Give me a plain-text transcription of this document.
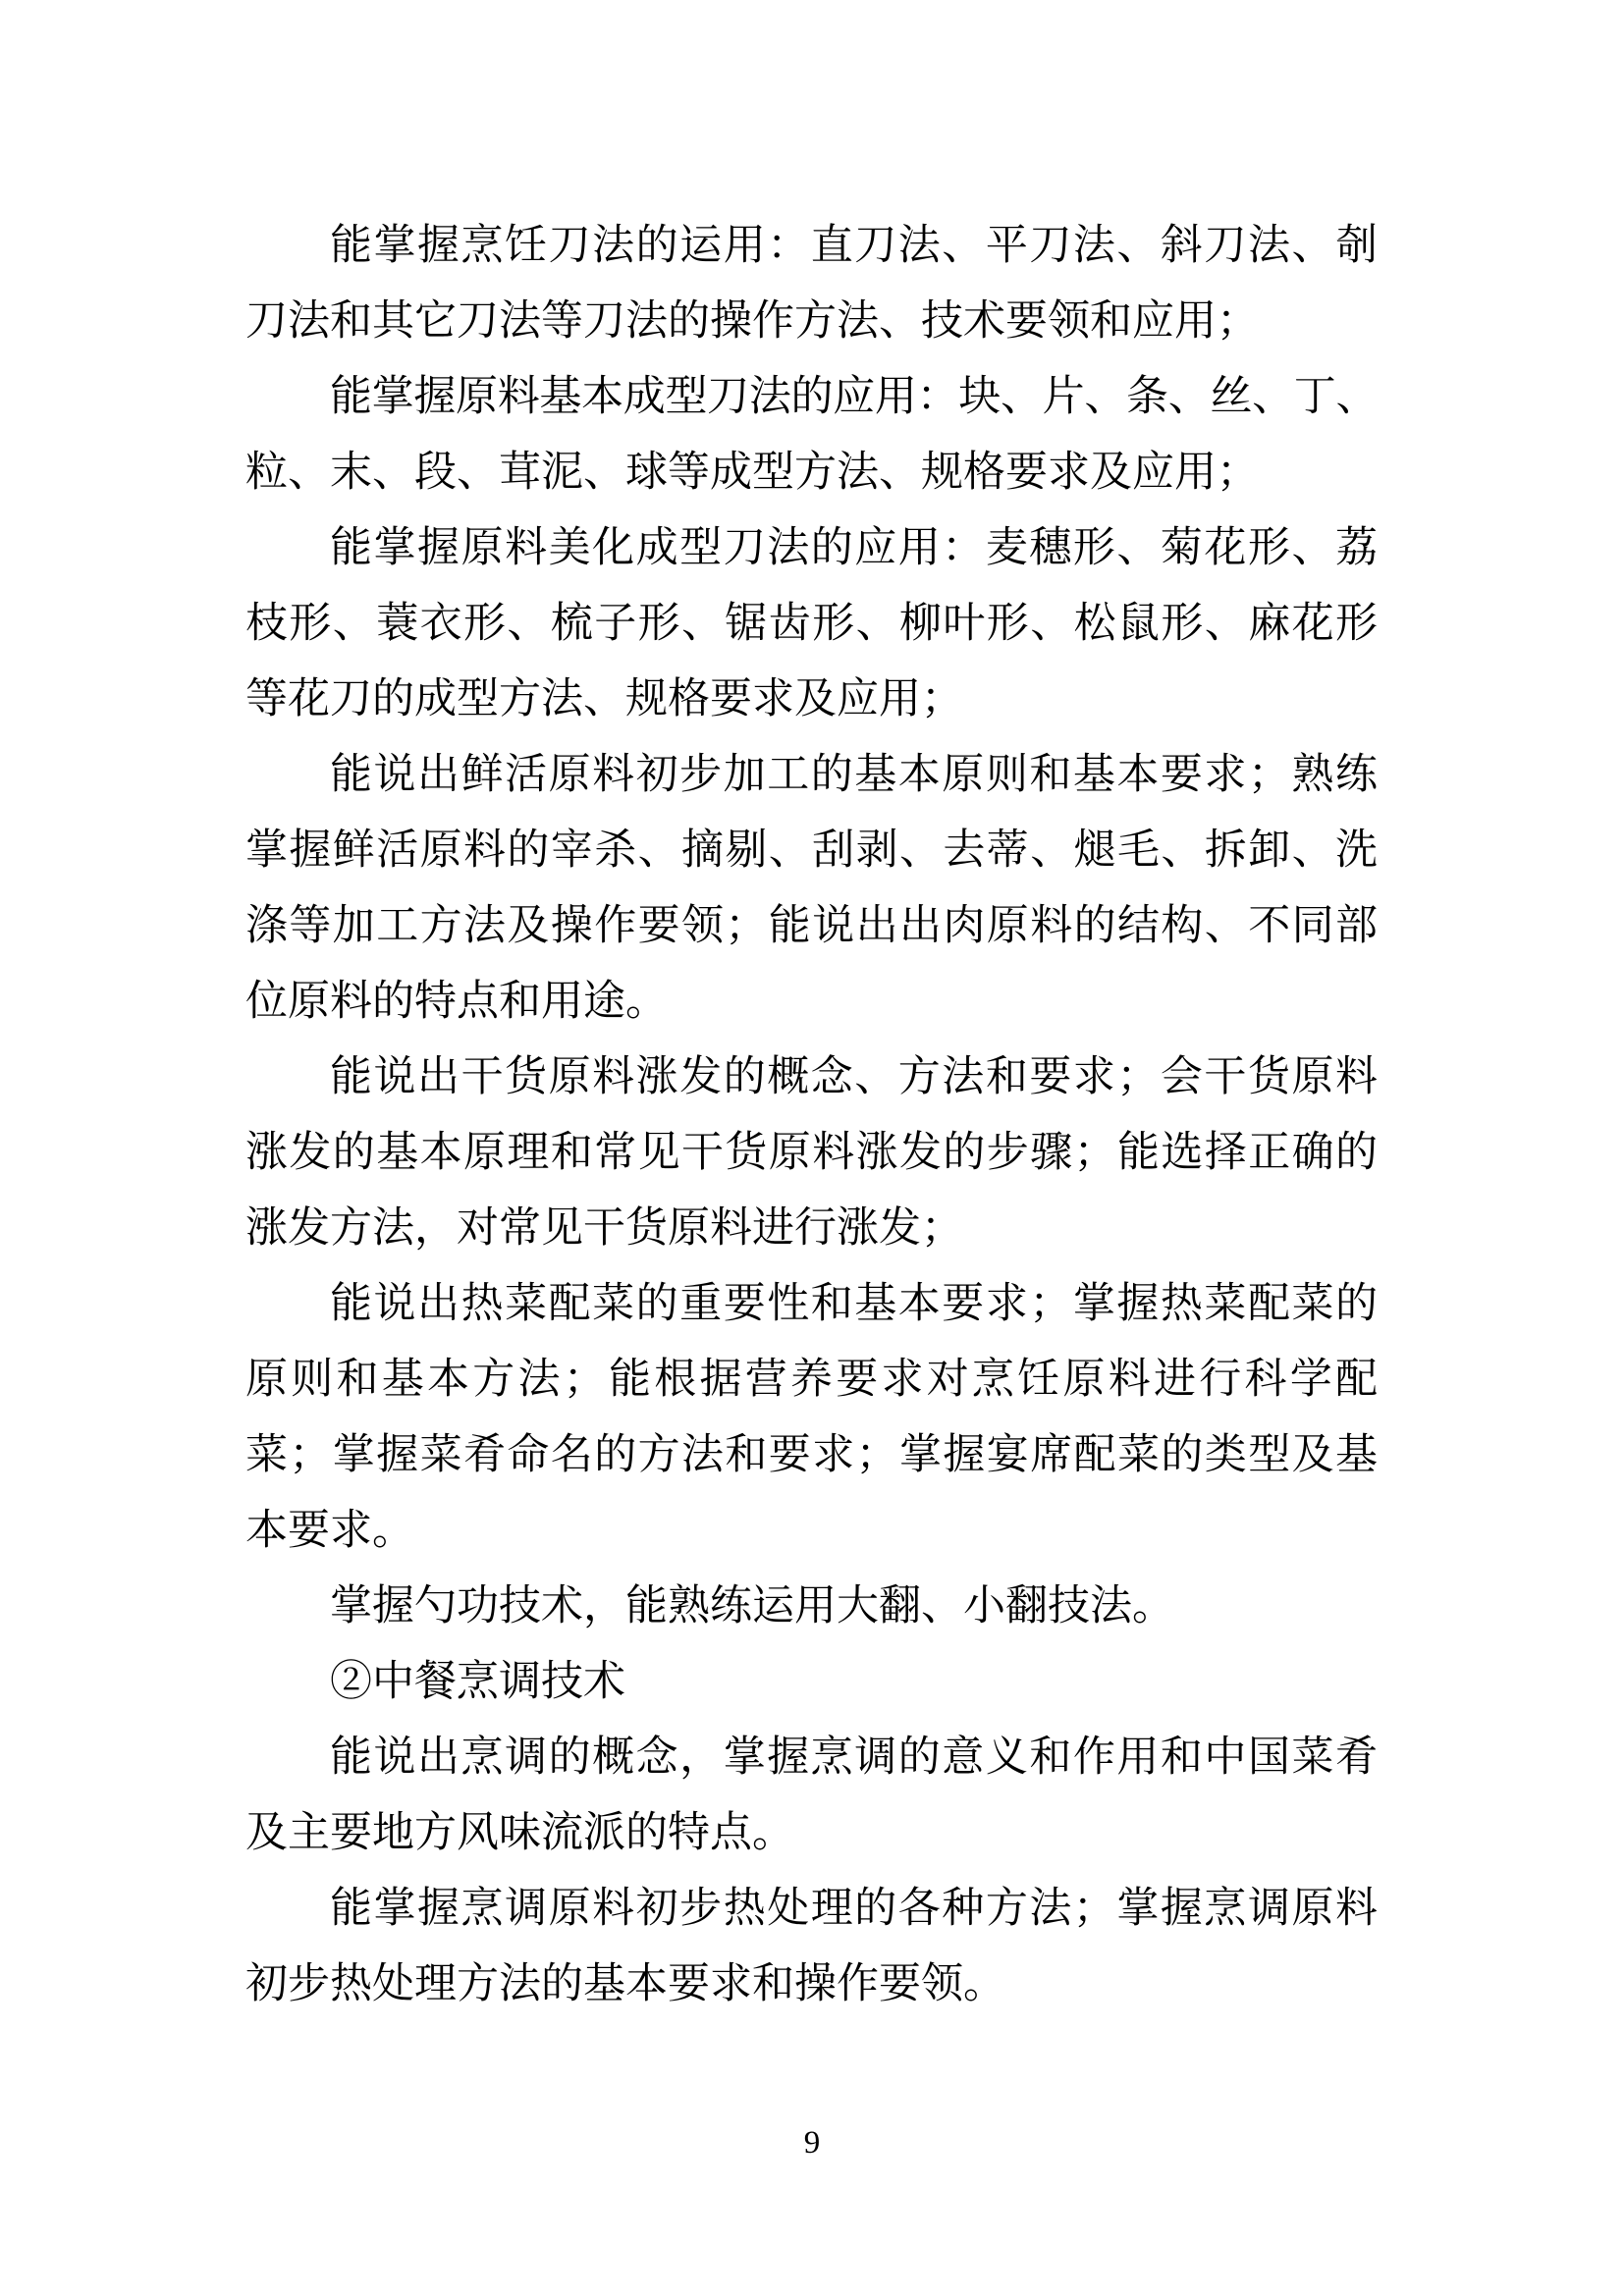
能掌握烹饪刀法的运用：直刀法、平刀法、斜刀法、剞
刀法和其它刀法等刀法的操作方法、技术要领和应用；
能掌握原料基本成型刀法的应用：块、片、条、丝、丁、
粒、末、段、茸泥、球等成型方法、规格要求及应用；
能掌握原料美化成型刀法的应用：麦穗形、菊花形、荔
枝形、蓑衣形、梳子形、锯齿形、柳叶形、松鼠形、麻花形
等花刀的成型方法、规格要求及应用；
能说出鲜活原料初步加工的基本原则和基本要求；熟练
掌握鲜活原料的宰杀、摘剔、刮剥、去蒂、煺毛、拆卸、洗
涤等加工方法及操作要领；能说出出肉原料的结构、不同部
位原料的特点和用途。
能说出干货原料涨发的概念、方法和要求；会干货原料
涨发的基本原理和常见干货原料涨发的步骤；能选择正确的
涨发方法，对常见干货原料进行涨发；
能说出热菜配菜的重要性和基本要求；掌握热菜配菜的
原则和基本方法；能根据营养要求对烹饪原料进行科学配
菜；掌握菜肴命名的方法和要求；掌握宴席配菜的类型及基
本要求。
掌握勺功技术，能熟练运用大翻、小翻技法。
②中餐烹调技术
能说出烹调的概念，掌握烹调的意义和作用和中国菜肴
及主要地方风味流派的特点。
能掌握烹调原料初步热处理的各种方法；掌握烹调原料
初步热处理方法的基本要求和操作要领。
9
